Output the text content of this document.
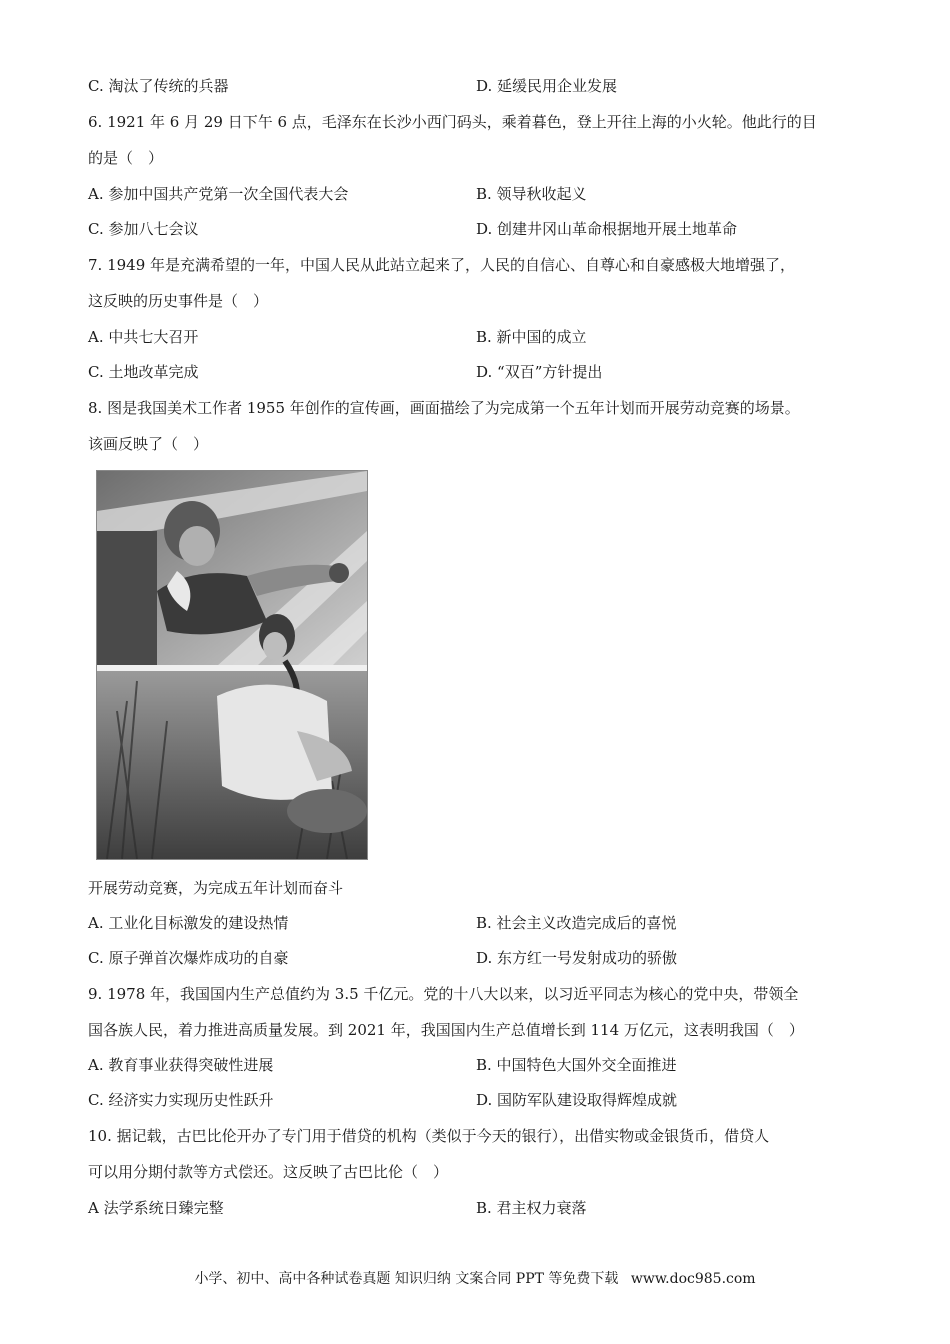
C. 淘汰了传统的兵器	D. 延缓民用企业发展
6. 1921 年 6 月 29 日下午 6 点，毛泽东在长沙小西门码头，乘着暮色，登上开往上海的小火轮。他此行的目
的是（　）
A. 参加中国共产党第一次全国代表大会	B. 领导秋收起义
C. 参加八七会议	D. 创建井冈山革命根据地开展土地革命
7. 1949 年是充满希望的一年，中国人民从此站立起来了，人民的自信心、自尊心和自豪感极大地增强了，
这反映的历史事件是（　）
A. 中共七大召开	B. 新中国的成立
C. 土地改革完成	D. “双百”方针提出
8. 图是我国美术工作者 1955 年创作的宣传画，画面描绘了为完成第一个五年计划而开展劳动竞赛的场景。
该画反映了（　）
开展劳动竞赛，为完成五年计划而奋斗
A. 工业化目标激发的建设热情	B. 社会主义改造完成后的喜悦
C. 原子弹首次爆炸成功的自豪	D. 东方红一号发射成功的骄傲
9. 1978 年，我国国内生产总值约为 3.5 千亿元。党的十八大以来，以习近平同志为核心的党中央，带领全
国各族人民，着力推进高质量发展。到 2021 年，我国国内生产总值增长到 114 万亿元，这表明我国（　）
A. 教育事业获得突破性进展	B. 中国特色大国外交全面推进
C. 经济实力实现历史性跃升	D. 国防军队建设取得辉煌成就
10. 据记载，古巴比伦开办了专门用于借贷的机构（类似于今天的银行），出借实物或金银货币，借贷人
可以用分期付款等方式偿还。这反映了古巴比伦（　）
A 法学系统日臻完整	B. 君主权力衰落
小学、初中、高中各种试卷真题 知识归纳 文案合同 PPT 等免费下载 www.doc985.com
